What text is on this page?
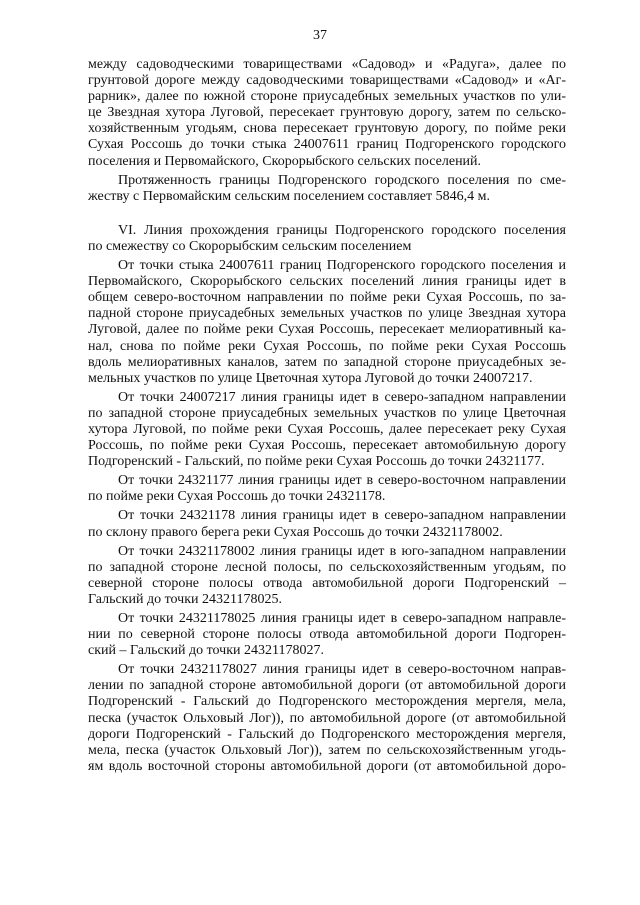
37
между садоводческими товариществами «Садовод» и «Радуга», далее по
грунтовой дороге между садоводческими товариществами «Садовод» и «Аг-
рарник», далее по южной стороне приусадебных земельных участков по ули-
це Звездная хутора Луговой, пересекает грунтовую дорогу, затем по сельско-
хозяйственным угодьям, снова пересекает грунтовую дорогу, по пойме реки
Сухая Россошь до точки стыка 24007611 границ Подгоренского городского
поселения и Первомайского, Скорорыбского сельских поселений.
Протяженность границы Подгоренского городского поселения по сме-
жеству с Первомайским сельским поселением составляет 5846,4 м.
VI. Линия прохождения границы Подгоренского городского поселения
по смежеству со Скорорыбским сельским поселением
От точки стыка 24007611 границ Подгоренского городского поселения и
Первомайского, Скорорыбского сельских поселений линия границы идет в
общем северо-восточном направлении по пойме реки Сухая Россошь, по за-
падной стороне приусадебных земельных участков по улице Звездная хутора
Луговой, далее по пойме реки Сухая Россошь, пересекает мелиоративный ка-
нал, снова по пойме реки Сухая Россошь, по пойме реки Сухая Россошь
вдоль мелиоративных каналов, затем по западной стороне приусадебных зе-
мельных участков по улице Цветочная хутора Луговой до точки 24007217.
От точки 24007217 линия границы идет в северо-западном направлении
по западной стороне приусадебных земельных участков по улице Цветочная
хутора Луговой, по пойме реки Сухая Россошь, далее пересекает реку Сухая
Россошь, по пойме реки Сухая Россошь, пересекает автомобильную дорогу
Подгоренский - Гальский, по пойме реки Сухая Россошь до точки 24321177.
От точки 24321177 линия границы идет в северо-восточном направлении
по пойме реки Сухая Россошь до точки 24321178.
От точки 24321178 линия границы идет в северо-западном направлении
по склону правого берега реки Сухая Россошь до точки 24321178002.
От точки 24321178002 линия границы идет в юго-западном направлении
по западной стороне лесной полосы, по сельскохозяйственным угодьям, по
северной стороне полосы отвода автомобильной дороги Подгоренский –
Гальский до точки 24321178025.
От точки 24321178025 линия границы идет в северо-западном направле-
нии по северной стороне полосы отвода автомобильной дороги Подгорен-
ский – Гальский до точки 24321178027.
От точки 24321178027 линия границы идет в северо-восточном направ-
лении по западной стороне автомобильной дороги (от автомобильной дороги
Подгоренский - Гальский до Подгоренского месторождения мергеля, мела,
песка (участок Ольховый Лог)), по автомобильной дороге (от автомобильной
дороги Подгоренский - Гальский до Подгоренского месторождения мергеля,
мела, песка (участок Ольховый Лог)), затем по сельскохозяйственным угодь-
ям вдоль восточной стороны автомобильной дороги (от автомобильной доро-
